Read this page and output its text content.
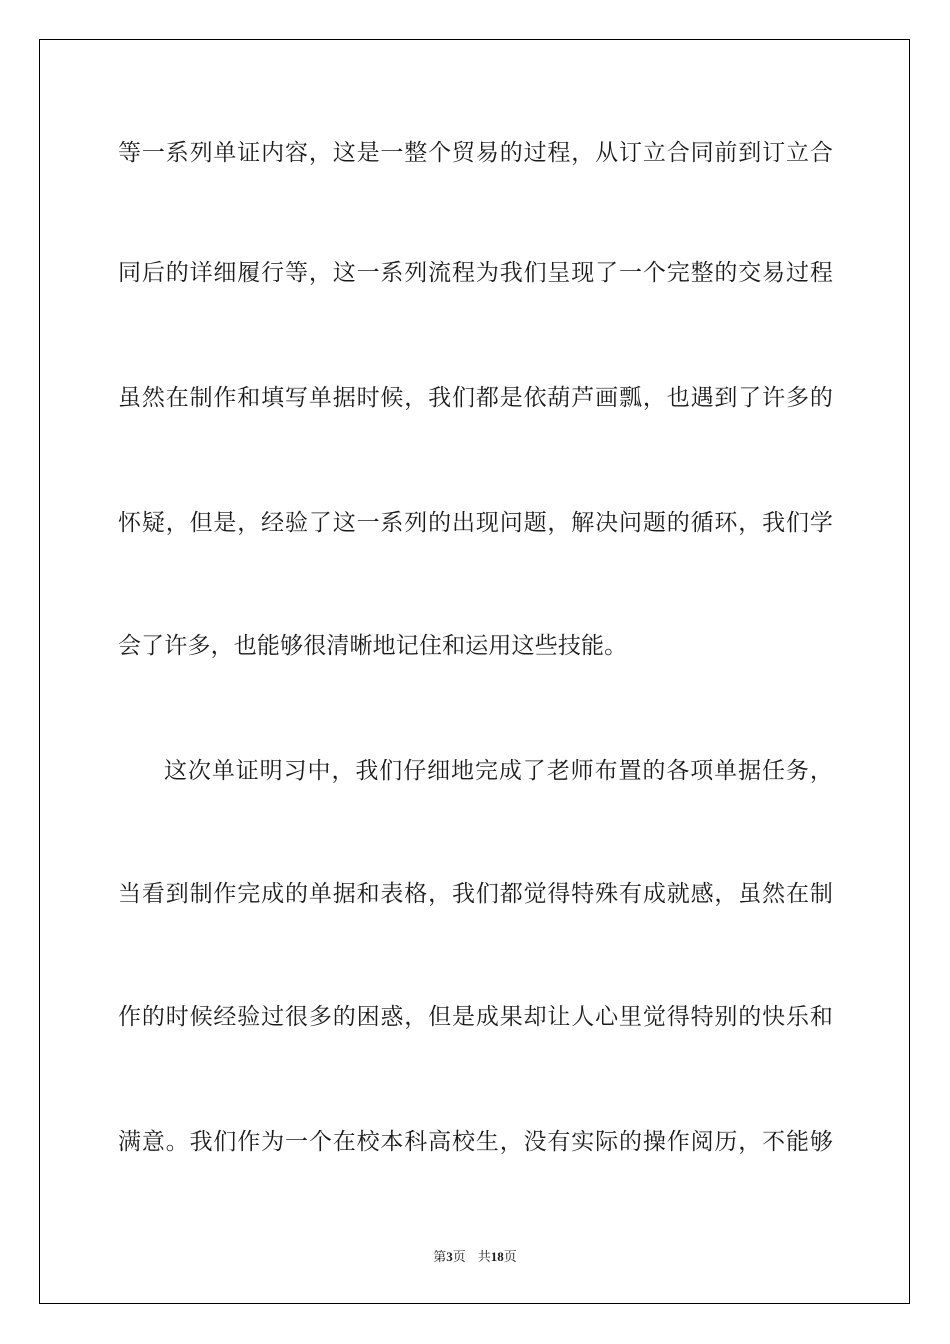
等一系列单证内容，这是一整个贸易的过程，从订立合同前到订立合
同后的详细履行等，这一系列流程为我们呈现了一个完整的交易过程
虽然在制作和填写单据时候，我们都是依葫芦画瓢，也遇到了许多的
怀疑，但是，经验了这一系列的出现问题，解决问题的循环，我们学
会了许多，也能够很清晰地记住和运用这些技能。
这次单证明习中，我们仔细地完成了老师布置的各项单据任务，
当看到制作完成的单据和表格，我们都觉得特殊有成就感，虽然在制
作的时候经验过很多的困惑，但是成果却让人心里觉得特别的快乐和
满意。我们作为一个在校本科高校生，没有实际的操作阅历，不能够
第3页 共18页
